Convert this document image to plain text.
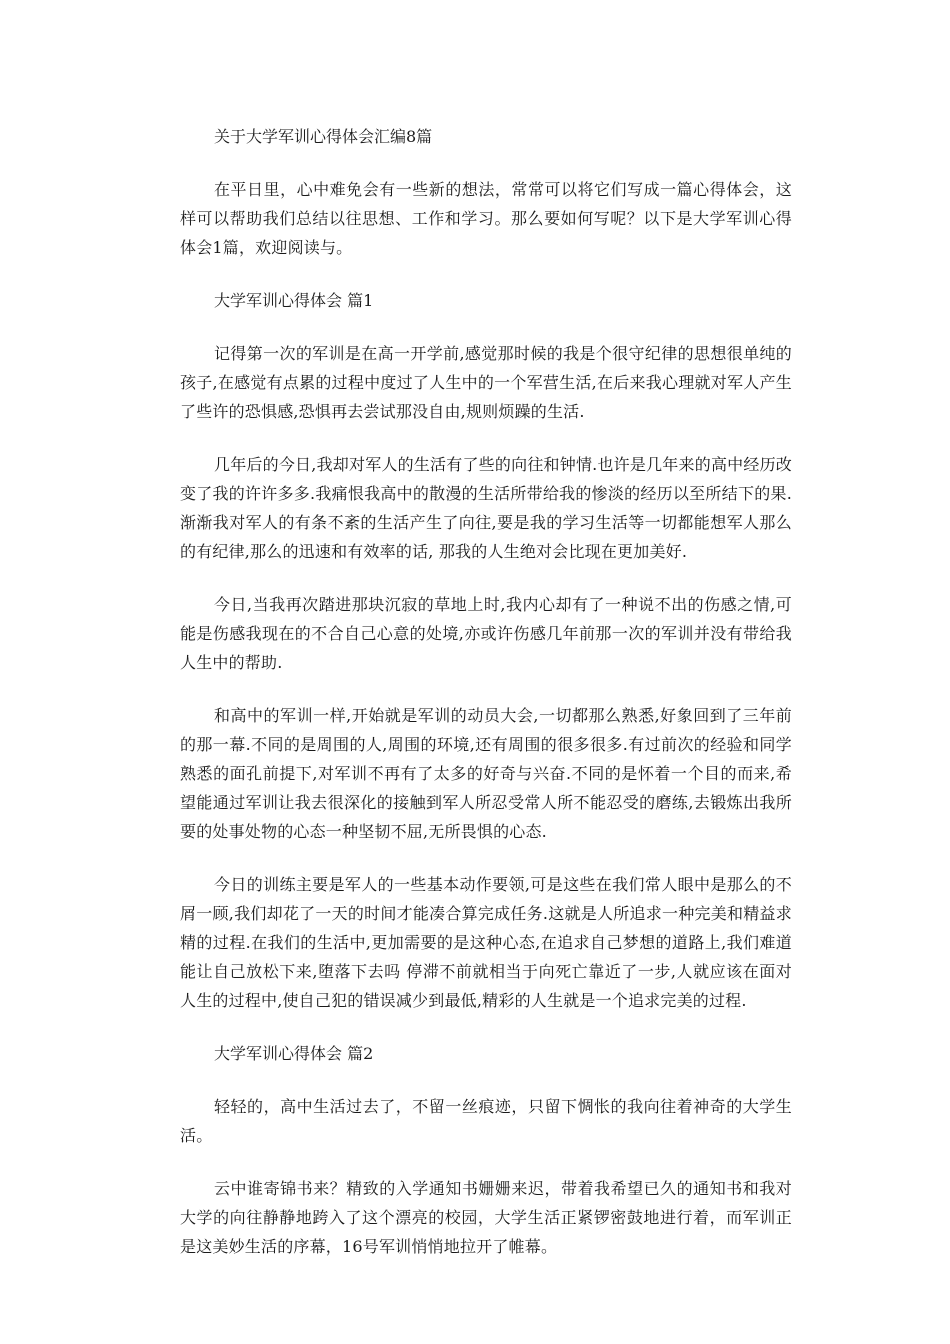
关于大学军训心得体会汇编8篇
在平日里，心中难免会有一些新的想法，常常可以将它们写成一篇心得体会，这样可以帮助我们总结以往思想、工作和学习。那么要如何写呢？以下是大学军训心得体会1篇，欢迎阅读与。
大学军训心得体会 篇1
记得第一次的军训是在高一开学前,感觉那时候的我是个很守纪律的思想很单纯的孩子,在感觉有点累的过程中度过了人生中的一个军营生活,在后来我心理就对军人产生了些许的恐惧感,恐惧再去尝试那没自由,规则烦躁的生活.
几年后的今日,我却对军人的生活有了些的向往和钟情.也许是几年来的高中经历改变了我的许许多多.我痛恨我高中的散漫的生活所带给我的惨淡的经历以至所结下的果.渐渐我对军人的有条不紊的生活产生了向往,要是我的学习生活等一切都能想军人那么的有纪律,那么的迅速和有效率的话, 那我的人生绝对会比现在更加美好.
今日,当我再次踏进那块沉寂的草地上时,我内心却有了一种说不出的伤感之情,可能是伤感我现在的不合自己心意的处境,亦或许伤感几年前那一次的军训并没有带给我人生中的帮助.
和高中的军训一样,开始就是军训的动员大会,一切都那么熟悉,好象回到了三年前的那一幕.不同的是周围的人,周围的环境,还有周围的很多很多.有过前次的经验和同学熟悉的面孔前提下,对军训不再有了太多的好奇与兴奋.不同的是怀着一个目的而来,希望能通过军训让我去很深化的接触到军人所忍受常人所不能忍受的磨练,去锻炼出我所要的处事处物的心态一种坚韧不屈,无所畏惧的心态.
今日的训练主要是军人的一些基本动作要领,可是这些在我们常人眼中是那么的不屑一顾,我们却花了一天的时间才能凑合算完成任务.这就是人所追求一种完美和精益求精的过程.在我们的生活中,更加需要的是这种心态,在追求自己梦想的道路上,我们难道能让自己放松下来,堕落下去吗 停滞不前就相当于向死亡靠近了一步,人就应该在面对人生的过程中,使自己犯的错误减少到最低,精彩的人生就是一个追求完美的过程.
大学军训心得体会 篇2
轻轻的，高中生活过去了，不留一丝痕迹，只留下惆怅的我向往着神奇的大学生活。
云中谁寄锦书来？精致的入学通知书姗姗来迟，带着我希望已久的通知书和我对大学的向往静静地跨入了这个漂亮的校园，大学生活正紧锣密鼓地进行着，而军训正是这美妙生活的序幕，16号军训悄悄地拉开了帷幕。
